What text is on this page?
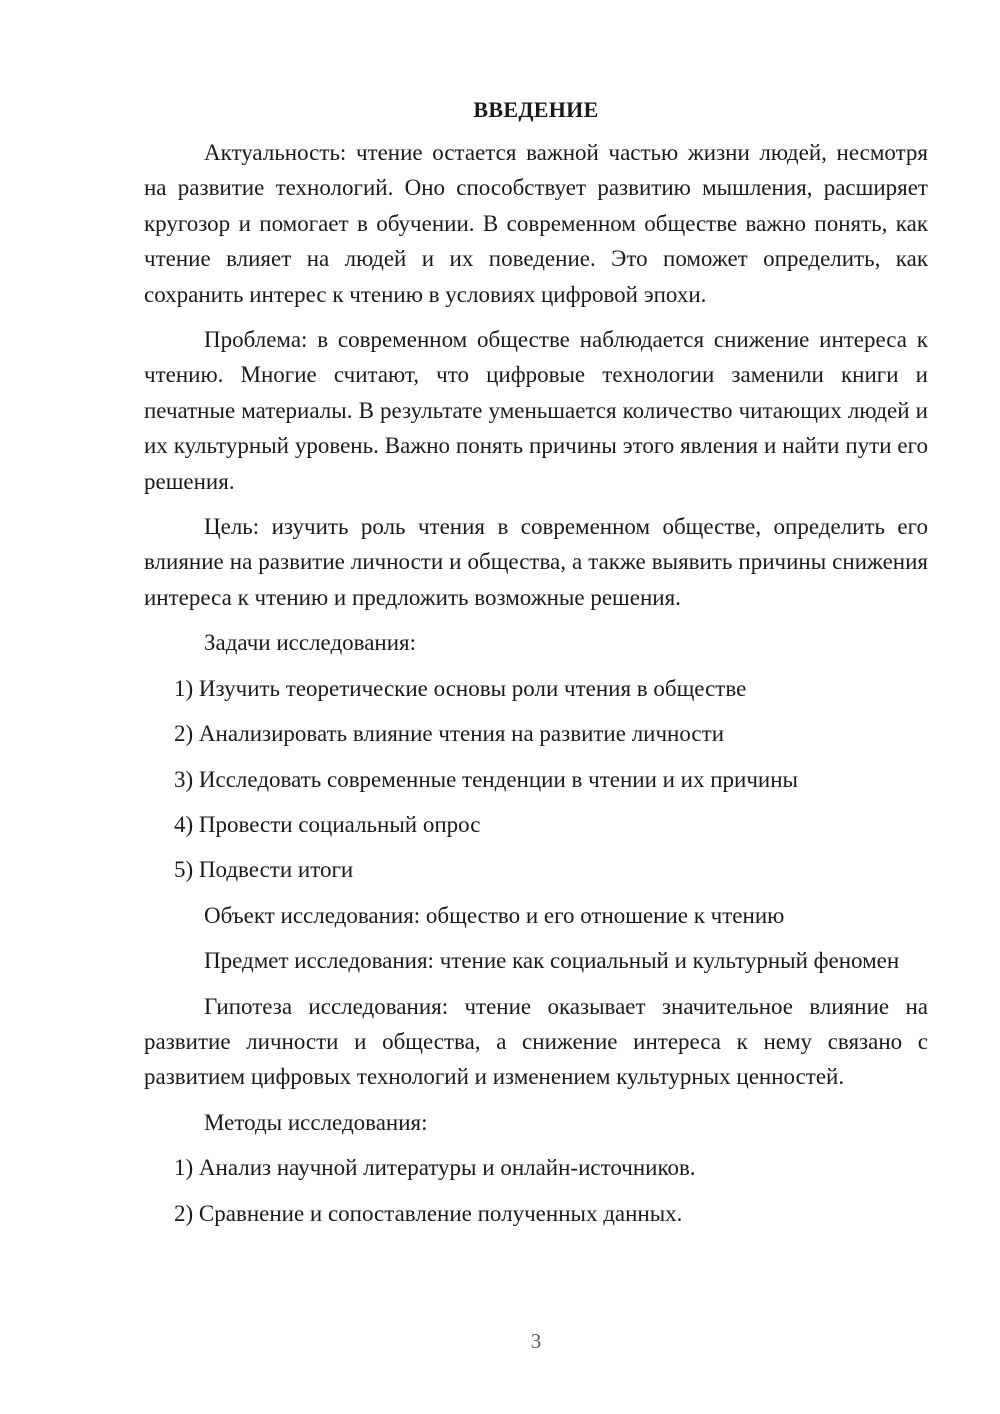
ВВЕДЕНИЕ

Актуальность: чтение остается важной частью жизни людей, несмотря на развитие технологий. Оно способствует развитию мышления, расширяет кругозор и помогает в обучении. В современном обществе важно понять, как чтение влияет на людей и их поведение. Это поможет определить, как сохранить интерес к чтению в условиях цифровой эпохи.

Проблема: в современном обществе наблюдается снижение интереса к чтению. Многие считают, что цифровые технологии заменили книги и печатные материалы. В результате уменьшается количество читающих людей и их культурный уровень. Важно понять причины этого явления и найти пути его решения.

Цель: изучить роль чтения в современном обществе, определить его влияние на развитие личности и общества, а также выявить причины снижения интереса к чтению и предложить возможные решения.

Задачи исследования:

1) Изучить теоретические основы роли чтения в обществе
2) Анализировать влияние чтения на развитие личности
3) Исследовать современные тенденции в чтении и их причины
4) Провести социальный опрос
5) Подвести итоги

Объект исследования: общество и его отношение к чтению

Предмет исследования: чтение как социальный и культурный феномен

Гипотеза исследования: чтение оказывает значительное влияние на развитие личности и общества, а снижение интереса к нему связано с развитием цифровых технологий и изменением культурных ценностей.

Методы исследования:

1) Анализ научной литературы и онлайн-источников.
2) Сравнение и сопоставление полученных данных.
3
